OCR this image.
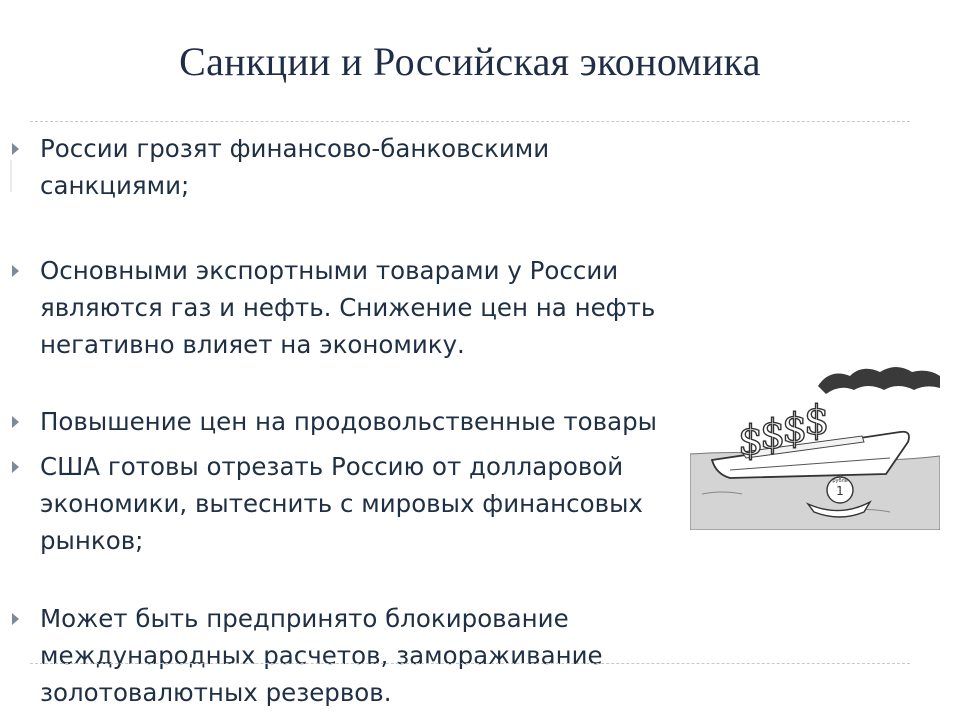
Санкции и Российская экономика
России грозят финансово-банковскими
санкциями;
Основными экспортными товарами у России
являются газ и нефть. Снижение цен на нефть
негативно влияет на экономику.
Повышение цен на продовольственные товары
США готовы отрезать Россию от долларовой
экономики, вытеснить с мировых финансовых
рынков;
Может быть предпринято блокирование
международных расчетов, замораживание
золотовалютных резервов.
$
$
$
$
1
рубль
